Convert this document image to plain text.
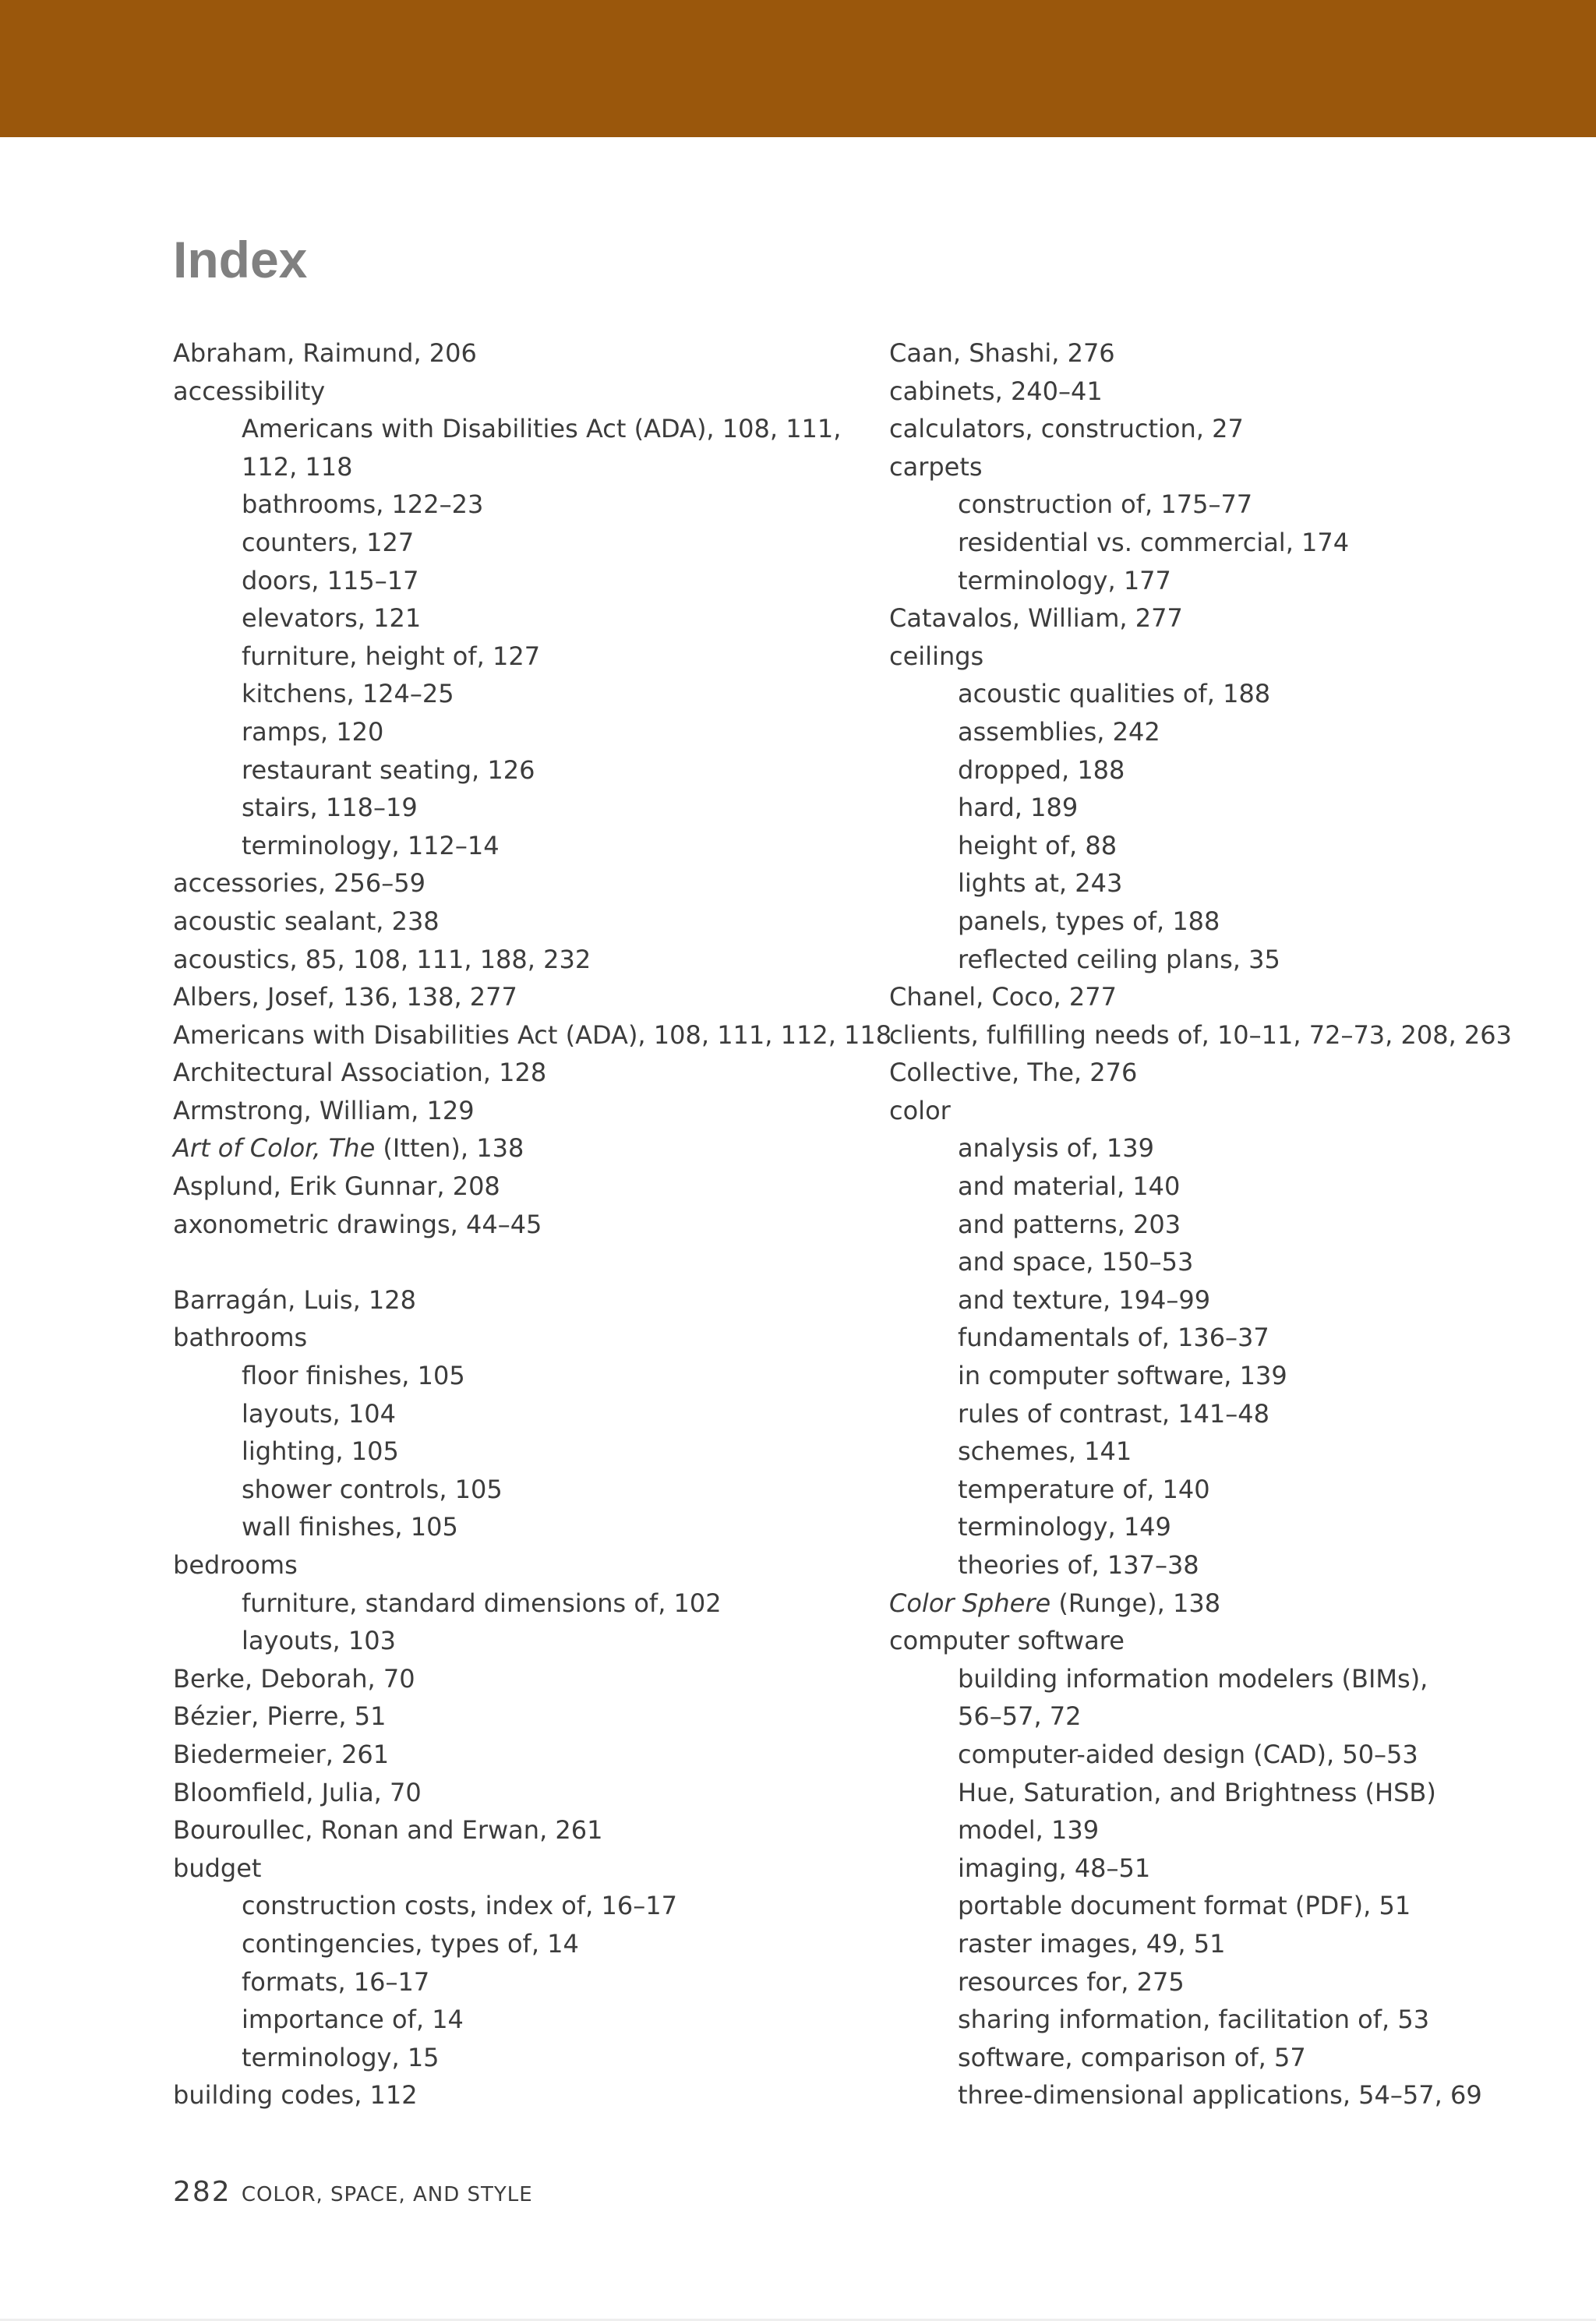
Index

Abraham, Raimund, 206

accessibility

Americans with Disabilities Act (ADA), 108, 111,

112, 118

bathrooms, 122–23

counters, 127

doors, 115–17

elevators, 121

furniture, height of, 127

kitchens, 124–25

ramps, 120

restaurant seating, 126

stairs, 118–19

terminology, 112–14

accessories, 256–59

acoustic sealant, 238

acoustics, 85, 108, 111, 188, 232

Albers, Josef, 136, 138, 277

Americans with Disabilities Act (ADA), 108, 111, 112, 118

Architectural Association, 128

Armstrong, William, 129

Art of Color, The (Itten), 138

Asplund, Erik Gunnar, 208

axonometric drawings, 44–45

Barragán, Luis, 128

bathrooms

floor finishes, 105

layouts, 104

lighting, 105

shower controls, 105

wall finishes, 105

bedrooms

furniture, standard dimensions of, 102

layouts, 103

Berke, Deborah, 70

Bézier, Pierre, 51

Biedermeier, 261

Bloomfield, Julia, 70

Bouroullec, Ronan and Erwan, 261

budget

construction costs, index of, 16–17

contingencies, types of, 14

formats, 16–17

importance of, 14

terminology, 15

building codes, 112

Caan, Shashi, 276

cabinets, 240–41

calculators, construction, 27

carpets

construction of, 175–77

residential vs. commercial, 174

terminology, 177

Catavalos, William, 277

ceilings

acoustic qualities of, 188

assemblies, 242

dropped, 188

hard, 189

height of, 88

lights at, 243

panels, types of, 188

reflected ceiling plans, 35

Chanel, Coco, 277

clients, fulfilling needs of, 10–11, 72–73, 208, 263

Collective, The, 276

color

analysis of, 139

and material, 140

and patterns, 203

and space, 150–53

and texture, 194–99

fundamentals of, 136–37

in computer software, 139

rules of contrast, 141–48

schemes, 141

temperature of, 140

terminology, 149

theories of, 137–38

Color Sphere (Runge), 138

computer software

building information modelers (BIMs),

56–57, 72

computer-aided design (CAD), 50–53

Hue, Saturation, and Brightness (HSB)

model, 139

imaging, 48–51

portable document format (PDF), 51

raster images, 49, 51

resources for, 275

sharing information, facilitation of, 53

software, comparison of, 57

three-dimensional applications, 54–57, 69

282 COLOR, SPACE, AND STYLE
